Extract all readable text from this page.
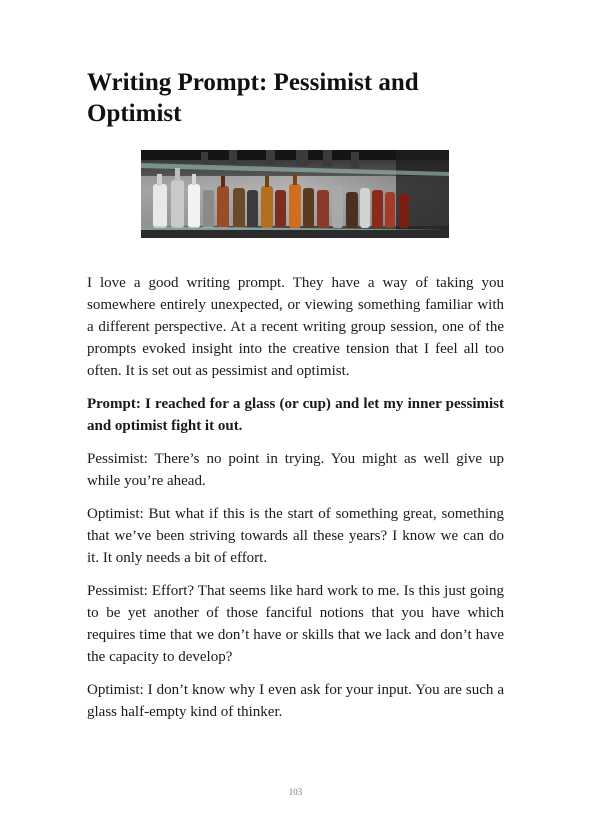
Writing Prompt: Pessimist and Optimist

I love a good writing prompt. They have a way of taking you somewhere entirely unexpected, or viewing something familiar with a different perspective. At a recent writing group session, one of the prompts evoked insight into the creative tension that I feel all too often. It is set out as pessimist and optimist.

Prompt: I reached for a glass (or cup) and let my inner pessimist and optimist fight it out.

Pessimist: There’s no point in trying. You might as well give up while you’re ahead.

Optimist: But what if this is the start of something great, something that we’ve been striving towards all these years? I know we can do it. It only needs a bit of effort.

Pessimist: Effort? That seems like hard work to me. Is this just going to be yet another of those fanciful notions that you have which requires time that we don’t have or skills that we lack and don’t have the capacity to develop?

Optimist: I don’t know why I even ask for your input. You are such a glass half-empty kind of thinker.

103
